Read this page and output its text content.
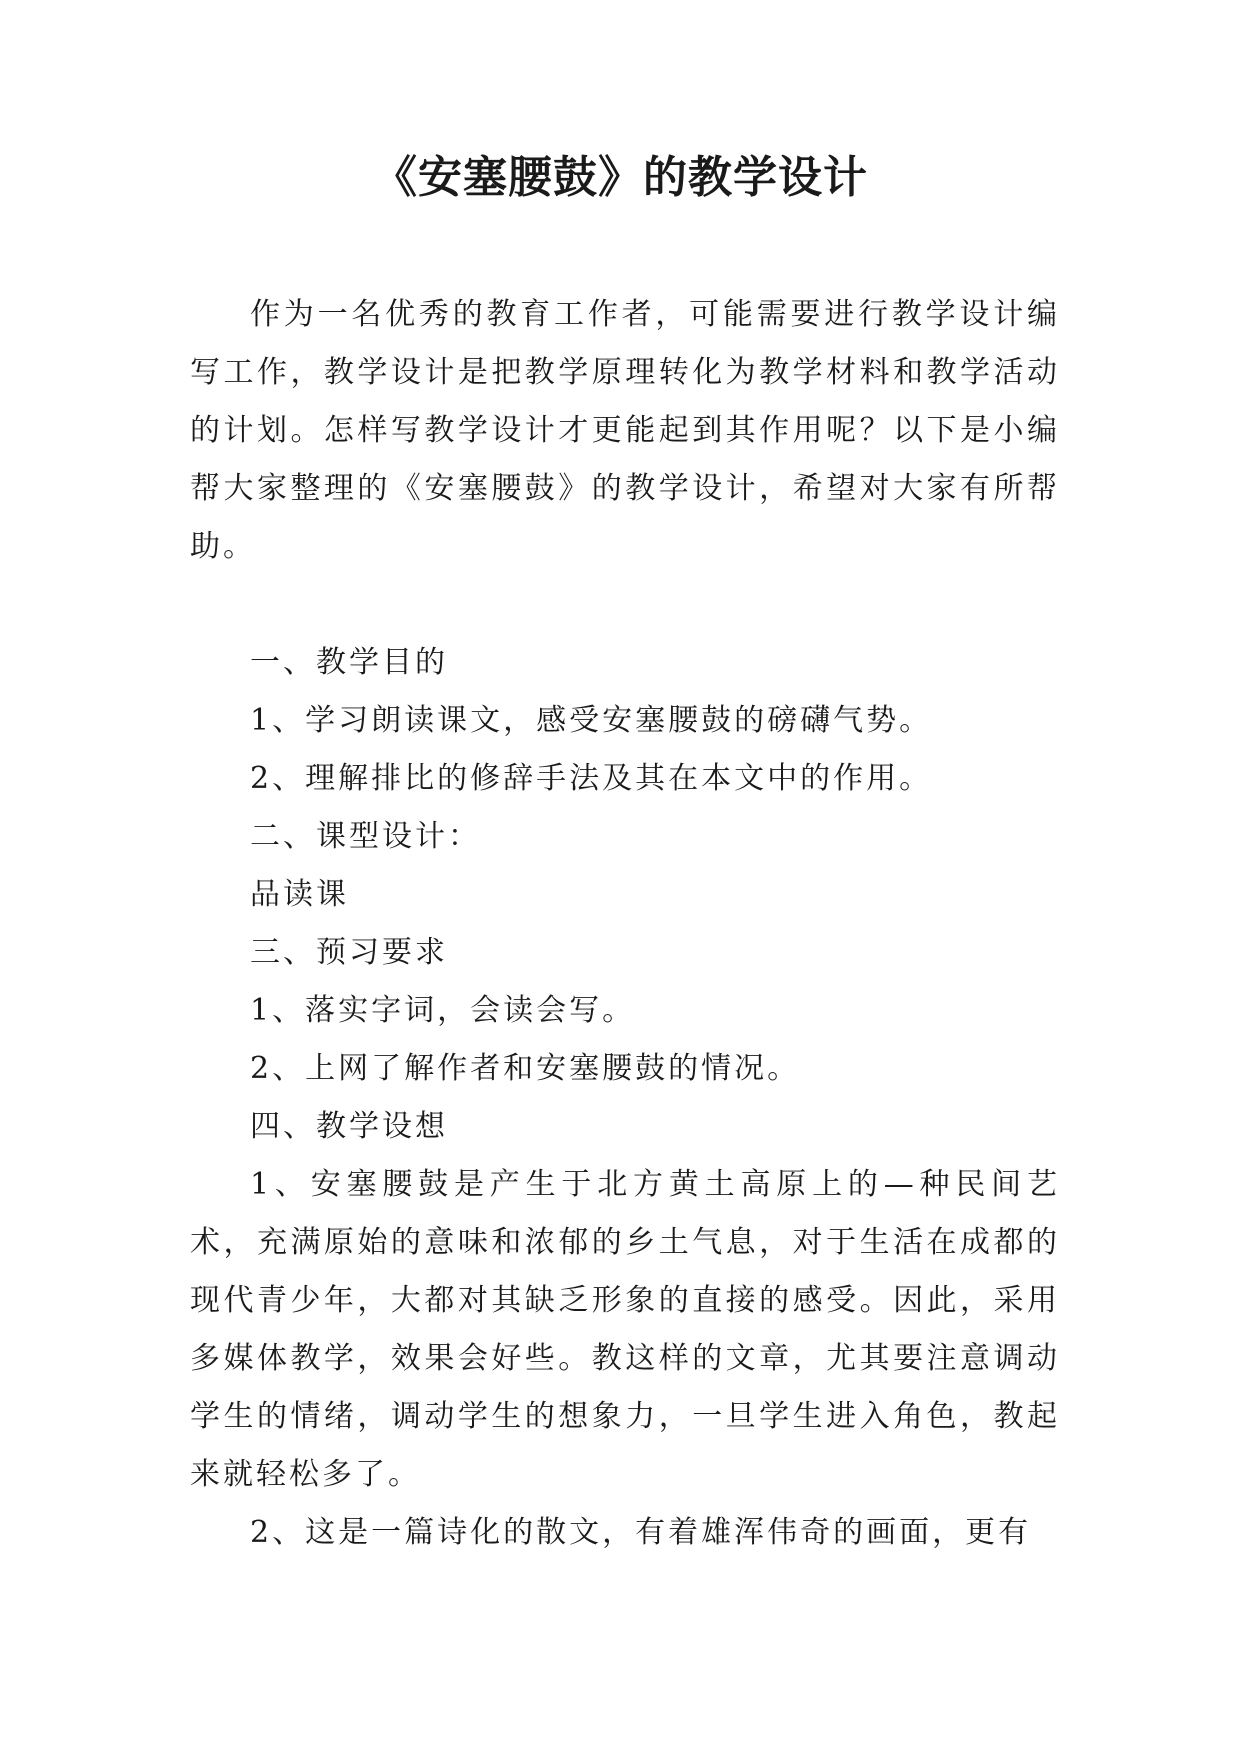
《安塞腰鼓》的教学设计

作为一名优秀的教育工作者，可能需要进行教学设计编写工作，教学设计是把教学原理转化为教学材料和教学活动的计划。怎样写教学设计才更能起到其作用呢？以下是小编帮大家整理的《安塞腰鼓》的教学设计，希望对大家有所帮助。

一、教学目的

1、学习朗读课文，感受安塞腰鼓的磅礴气势。

2、理解排比的修辞手法及其在本文中的作用。

二、课型设计：

品读课

三、预习要求

1、落实字词，会读会写。

2、上网了解作者和安塞腰鼓的情况。

四、教学设想

1、安塞腰鼓是产生于北方黄土高原上的—种民间艺术，充满原始的意味和浓郁的乡土气息，对于生活在成都的现代青少年，大都对其缺乏形象的直接的感受。因此，采用多媒体教学，效果会好些。教这样的文章，尤其要注意调动学生的情绪，调动学生的想象力，一旦学生进入角色，教起来就轻松多了。

2、这是一篇诗化的散文，有着雄浑伟奇的画面，更有
